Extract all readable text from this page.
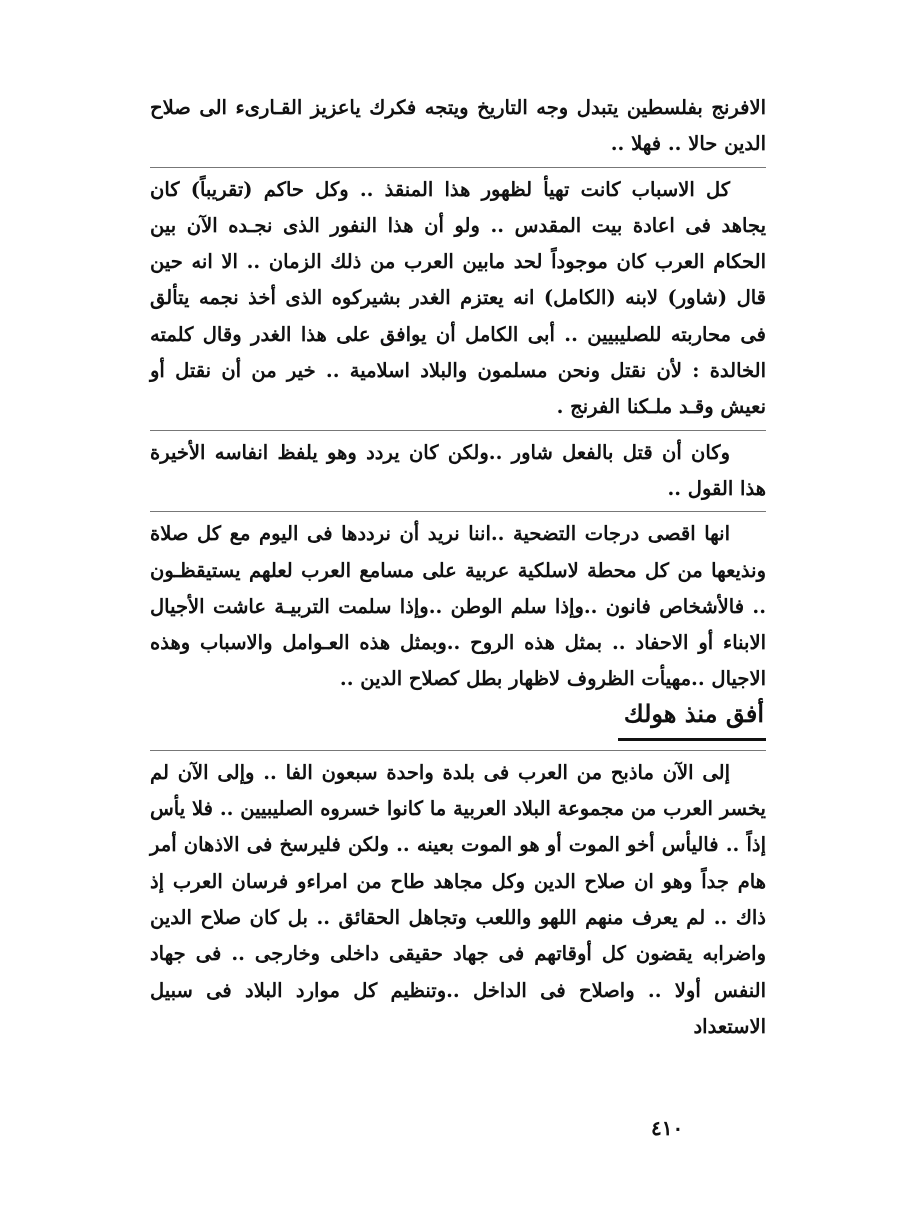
الافرنج بفلسطين يتبدل وجه التاريخ ويتجه فكرك ياعزيز القـارىء الى صلاح الدين حالا .. فهلا ..

كل الاسباب كانت تهيأ لظهور هذا المنقذ .. وكل حاكم (تقريباً) كان يجاهد فى اعادة بيت المقدس .. ولو أن هذا النفور الذى نجـده الآن بين الحكام العرب كان موجوداً لحد مابين العرب من ذلك الزمان .. الا انه حين قال (شاور) لابنه (الكامل) انه يعتزم الغدر بشيركوه الذى أخذ نجمه يتألق فى محاربته للصليبيين .. أبى الكامل أن يوافق على هذا الغدر وقال كلمته الخالدة : لأن نقتل ونحن مسلمون والبلاد اسلامية .. خير من أن نقتل أو نعيش وقـد ملـكنا الفرنج .

وكان أن قتل بالفعل شاور ..ولكن كان يردد وهو يلفظ انفاسه الأخيرة هذا القول ..

انها اقصى درجات التضحية ..اننا نريد أن نرددها فى اليوم مع كل صلاة ونذيعها من كل محطة لاسلكية عربية على مسامع العرب لعلهم يستيقظـون .. فالأشخاص فانون ..وإذا سلم الوطن ..وإذا سلمت التربيـة عاشت الأجيال الابناء أو الاحفاد .. بمثل هذه الروح ..وبمثل هذه العـوامل والاسباب وهذه الاجيال ..مهيأت الظروف لاظهار بطل كصلاح الدين ..

أفق منذ هولك

إلى الآن ماذبح من العرب فى بلدة واحدة سبعون الفا .. وإلى الآن لم يخسر العرب من مجموعة البلاد العربية ما كانوا خسروه الصليبيين .. فلا يأس إذاً .. فاليأس أخو الموت أو هو الموت بعينه .. ولكن فليرسخ فى الاذهان أمر هام جداً وهو ان صلاح الدين وكل مجاهد طاح من امراءو فرسان العرب إذ ذاك .. لم يعرف منهم اللهو واللعب وتجاهل الحقائق .. بل كان صلاح الدين واضرابه يقضون كل أوقاتهم فى جهاد حقيقى داخلى وخارجى .. فى جهاد النفس أولا .. واصلاح فى الداخل ..وتنظيم كل موارد البلاد فى سبيل الاستعداد

٤١٠
